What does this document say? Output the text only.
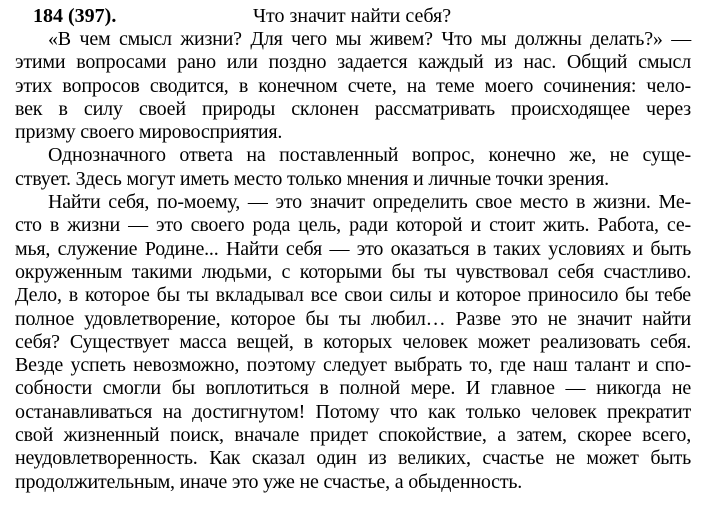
184 (397).	Что значит найти себя?
«В чем смысл жизни? Для чего мы живем? Что мы должны делать?» —
этими вопросами рано или поздно задается каждый из нас. Общий смысл
этих вопросов сводится, в конечном счете, на теме моего сочинения: чело-
век в силу своей природы склонен рассматривать происходящее через
призму своего мировосприятия.
Однозначного ответа на поставленный вопрос, конечно же, не суще-
ствует. Здесь могут иметь место только мнения и личные точки зрения.
Найти себя, по-моему, — это значит определить свое место в жизни. Ме-
сто в жизни — это своего рода цель, ради которой и стоит жить. Работа, се-
мья, служение Родине... Найти себя — это оказаться в таких условиях и быть
окруженным такими людьми, с которыми бы ты чувствовал себя счастливо.
Дело, в которое бы ты вкладывал все свои силы и которое приносило бы тебе
полное удовлетворение, которое бы ты любил… Разве это не значит найти
себя? Существует масса вещей, в которых человек может реализовать себя.
Везде успеть невозможно, поэтому следует выбрать то, где наш талант и спо-
собности смогли бы воплотиться в полной мере. И главное — никогда не
останавливаться на достигнутом! Потому что как только человек прекратит
свой жизненный поиск, вначале придет спокойствие, а затем, скорее всего,
неудовлетворенность. Как сказал один из великих, счастье не может быть
продолжительным, иначе это уже не счастье, а обыденность.
